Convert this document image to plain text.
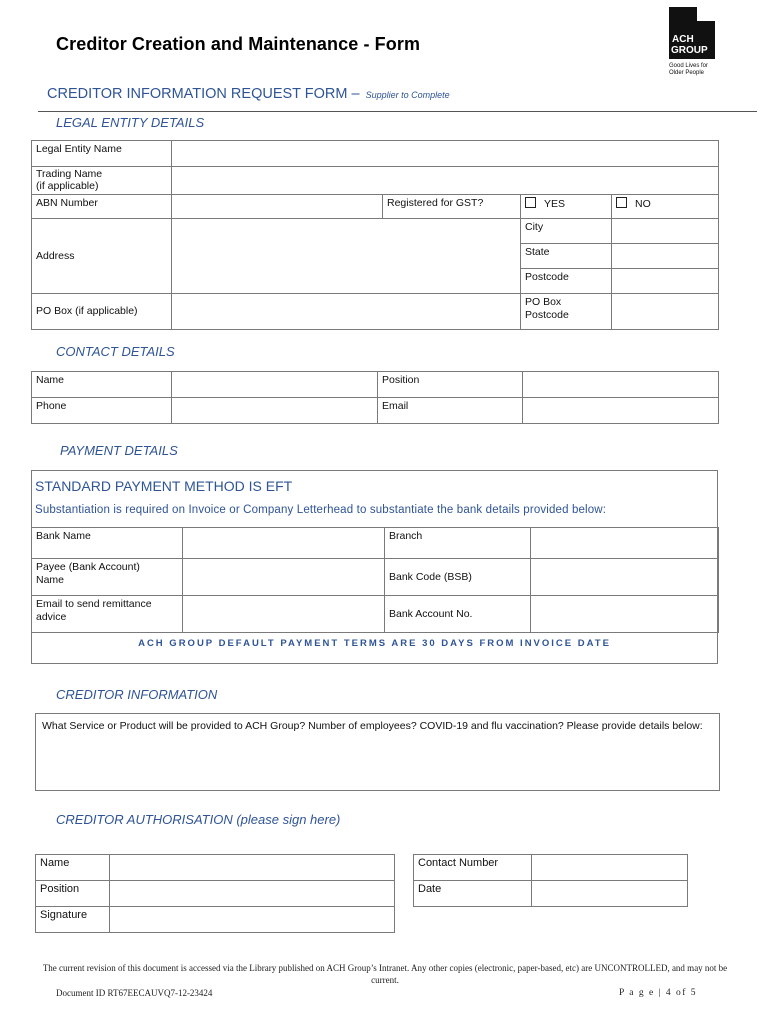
Creditor Creation and Maintenance - Form	ACH
GROUP
Good Lives for
Older People
CREDITOR INFORMATION REQUEST FORM – Supplier to Complete
LEGAL ENTITY DETAILS
Legal Entity Name				
Trading Name
(if applicable)				
ABN Number		Registered for GST?	YES	NO
Address			City	
			State	
			Postcode	
PO Box (if applicable)			PO Box
Postcode	
CONTACT DETAILS
Name		Position	
Phone		Email	
PAYMENT DETAILS
STANDARD PAYMENT METHOD IS EFT
Substantiation is required on Invoice or Company Letterhead to substantiate the bank details provided below:
Bank Name		Branch	
Payee (Bank Account)
Name		Bank Code (BSB)	
Email to send remittance
advice		Bank Account No.	
ACH GROUP DEFAULT PAYMENT TERMS ARE 30 DAYS FROM INVOICE DATE
CREDITOR INFORMATION
What Service or Product will be provided to ACH Group? Number of employees? COVID-19 and flu vaccination? Please provide details below:
CREDITOR AUTHORISATION (please sign here)
Name	
Position	
Signature	
Contact Number	
Date	
The current revision of this document is accessed via the Library published on ACH Group’s Intranet. Any other copies (electronic, paper-based, etc) are UNCONTROLLED, and may not be current.
Document ID RT67EECAUVQ7-12-23424	P a g e | 4 of 5
